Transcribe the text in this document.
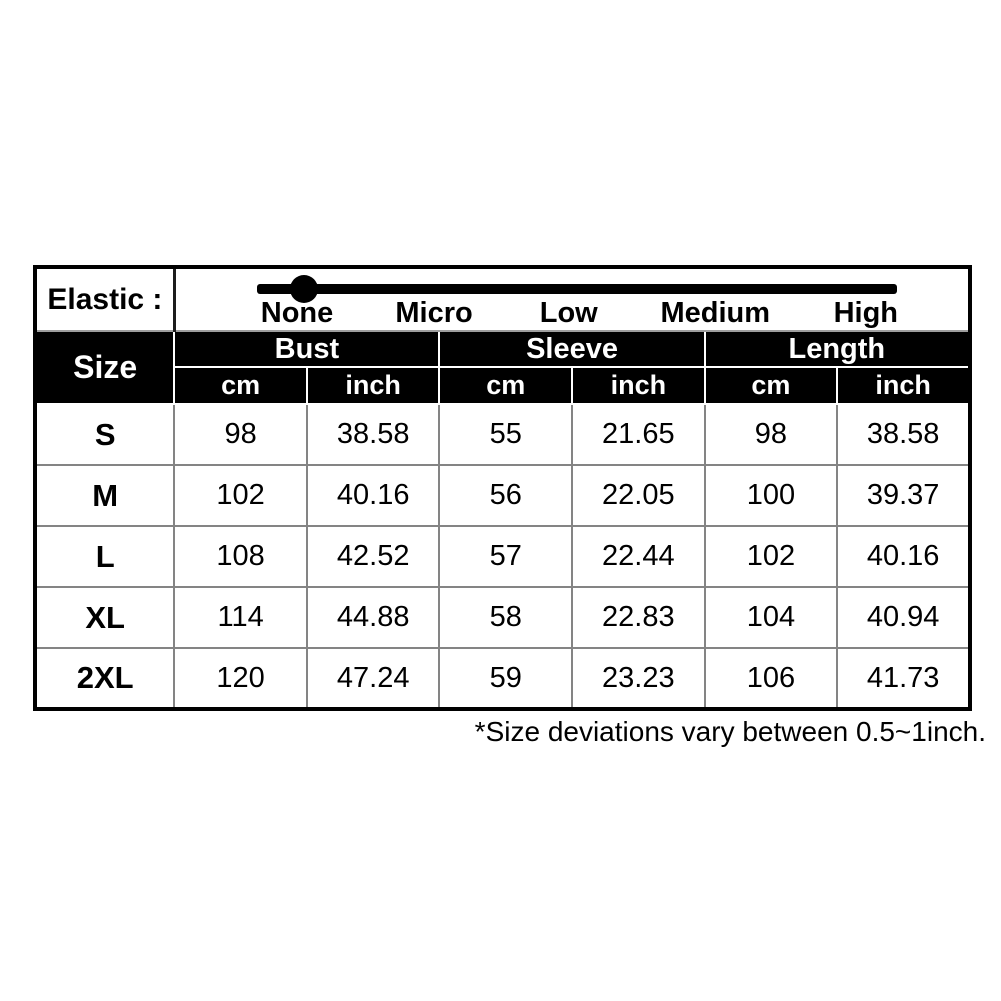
Elastic :	None Micro Low Medium High					

Size	Bust		Sleeve		Length	
	cm	inch	cm	inch	cm	inch
S	98	38.58	55	21.65	98	38.58
M	102	40.16	56	22.05	100	39.37
L	108	42.52	57	22.44	102	40.16
XL	114	44.88	58	22.83	104	40.94
2XL	120	47.24	59	23.23	106	41.73
*Size deviations vary between 0.5~1inch.
